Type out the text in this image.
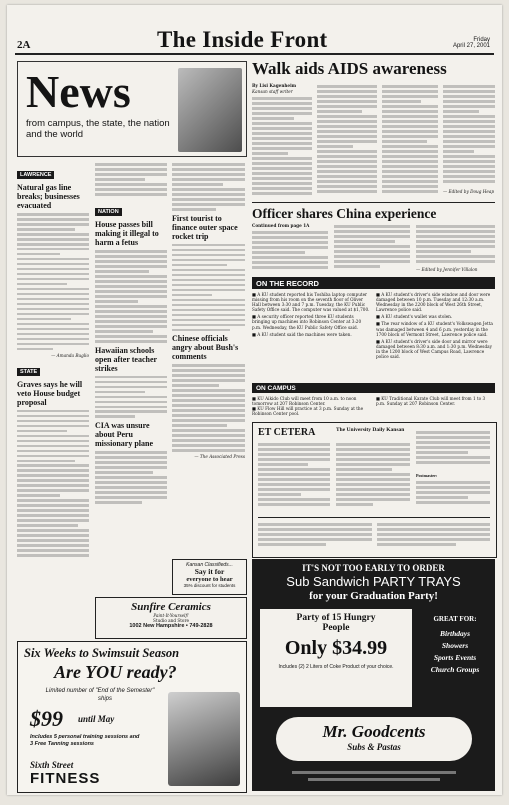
2A	The Inside Front	Friday
April 27, 2001
News
from campus, the state, the nation and the world
LAWRENCE
Natural gas line breaks; businesses evacuated
— Amanda Buglio
STATE
Graves says he will veto House budget proposal
NATION
House passes bill making it illegal to harm a fetus
Hawaiian schools open after teacher strikes
CIA was unsure about Peru missionary plane
First tourist to finance outer space rocket trip
Chinese officials angry about Bush's comments
— The Associated Press
Walk aids AIDS awareness
By Lisi Kagenheim
Kansan staff writer
— Edited by Doug Heap
Officer shares China experience
Continued from page 1A
— Edited by Jennifer Villalon
ON THE RECORD

■ A KU student reported his Toshiba laptop computer missing from his room on the seventh floor of Oliver Hall between 3:30 and 7 p.m. Tuesday, the KU Public Safety Office said. The computer was valued at $1,700.

■ A security officer reported three KU students bringing up machines into Robinson Center at 3:20 p.m. Wednesday, the KU Public Safety Office said.

■ A KU student said the machines were taken.

■ A KU student's driver's side window and door were damaged between 10 p.m. Tuesday and 12:30 a.m. Wednesday in the 2200 block of West 26th Street, Lawrence police said.

■ A KU student's wallet was stolen.

■ The rear window of a KU student's Volkswagen Jetta was damaged between 4 and 6 p.m. yesterday in the 1700 block of Vermont Street, Lawrence police said.

■ A KU student's driver's side door and mirror were damaged between 8:30 a.m. and 1:30 p.m. Wednesday in the 1200 block of West Campus Road, Lawrence police said.

ON CAMPUS
■ KU Aikido Club will meet from 10 a.m. to noon tomorrow at 207 Robinson Center.
■ KU Flow Hill will practice at 3 p.m. Sunday at the Robinson Center pool.
■ KU Traditional Karate Club will meet from 1 to 3 p.m. Sunday at 207 Robinson Center.
ET CETERA	The University Daily Kansan
Postmaster:
Sunfire Ceramics
Paint-It-Yourself!
Studio and Store
1002 New Hampshire • 749-2828
Kansan Classifieds...
Say it for
everyone to hear
35% discount for students
Six Weeks to Swimsuit Season
Are YOU ready?
Limited number of "End of the Semester"
ships
$99 until May
Includes 5 personal training sessions and 3 Free Tanning sessions
Sixth Street
FITNESS
IT'S NOT TOO EARLY TO ORDER
Sub Sandwich PARTY TRAYS
for your Graduation Party!
Party of 15 Hungry
People
Only $34.99
Includes (2) 2 Liters of Coke Product of your choice.
GREAT FOR:
Birthdays
Showers
Sports Events
Church Groups
Mr. Goodcents
Subs & Pastas
